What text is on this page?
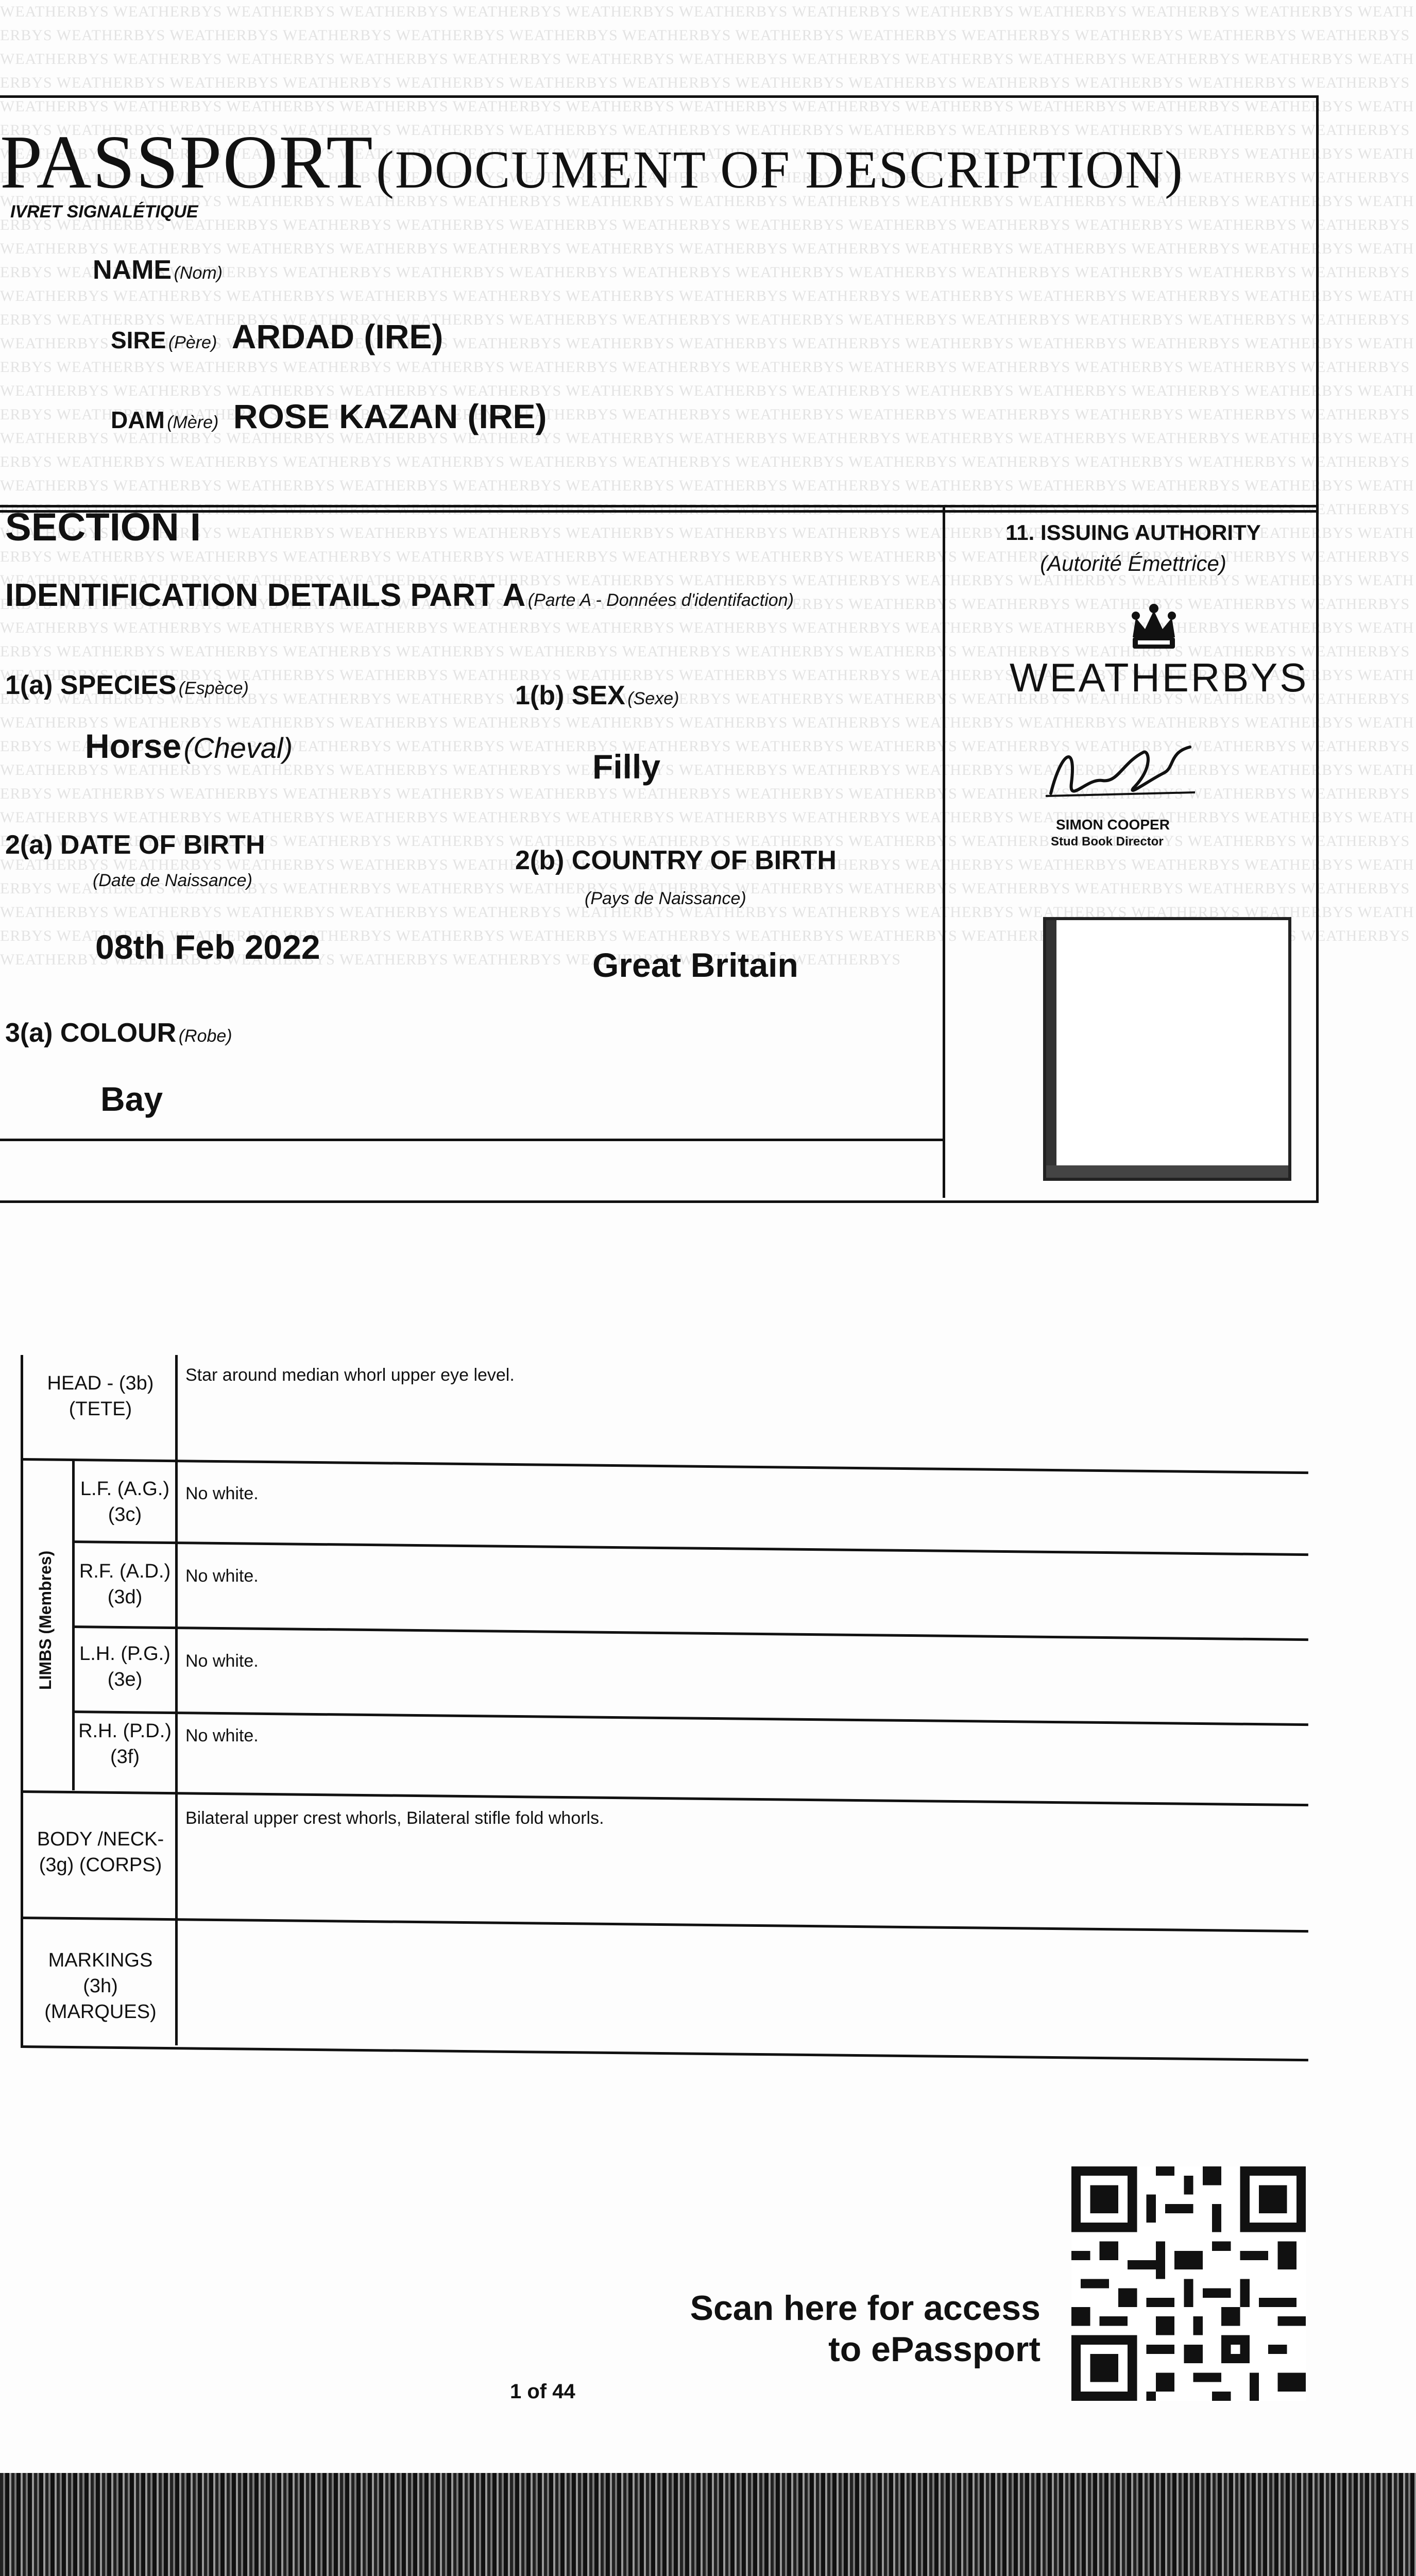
WEATHERBYS WEATHERBYS WEATHERBYS WEATHERBYS WEATHERBYS WEATHERBYS WEATHERBYS WEATHERBYS WEATHERBYS WEATHERBYS WEATHERBYS WEATHERBYS WEATHERBYS WEATHERBYS WEATHERBYS WEATHERBYS WEATHERBYS WEATHERBYS WEATHERBYS WEATHERBYS WEATHERBYS WEATHERBYS WEATHERBYS WEATHERBYS WEATHERBYS WEATHERBYS WEATHERBYS WEATHERBYS WEATHERBYS WEATHERBYS WEATHERBYS WEATHERBYS WEATHERBYS WEATHERBYS WEATHERBYS WEATHERBYS WEATHERBYS WEATHERBYS WEATHERBYS WEATHERBYS WEATHERBYS WEATHERBYS WEATHERBYS WEATHERBYS WEATHERBYS WEATHERBYS WEATHERBYS WEATHERBYS WEATHERBYS WEATHERBYS WEATHERBYS WEATHERBYS WEATHERBYS WEATHERBYS WEATHERBYS WEATHERBYS WEATHERBYS WEATHERBYS WEATHERBYS WEATHERBYS WEATHERBYS WEATHERBYS WEATHERBYS WEATHERBYS WEATHERBYS WEATHERBYS WEATHERBYS WEATHERBYS WEATHERBYS WEATHERBYS WEATHERBYS WEATHERBYS WEATHERBYS WEATHERBYS WEATHERBYS WEATHERBYS WEATHERBYS WEATHERBYS WEATHERBYS WEATHERBYS WEATHERBYS WEATHERBYS WEATHERBYS WEATHERBYS WEATHERBYS WEATHERBYS WEATHERBYS WEATHERBYS WEATHERBYS WEATHERBYS WEATHERBYS WEATHERBYS WEATHERBYS WEATHERBYS WEATHERBYS WEATHERBYS WEATHERBYS WEATHERBYS WEATHERBYS WEATHERBYS WEATHERBYS WEATHERBYS WEATHERBYS WEATHERBYS WEATHERBYS WEATHERBYS WEATHERBYS WEATHERBYS WEATHERBYS WEATHERBYS WEATHERBYS WEATHERBYS WEATHERBYS WEATHERBYS WEATHERBYS WEATHERBYS WEATHERBYS WEATHERBYS WEATHERBYS WEATHERBYS WEATHERBYS WEATHERBYS WEATHERBYS WEATHERBYS WEATHERBYS WEATHERBYS WEATHERBYS WEATHERBYS WEATHERBYS WEATHERBYS WEATHERBYS WEATHERBYS WEATHERBYS WEATHERBYS WEATHERBYS WEATHERBYS WEATHERBYS WEATHERBYS WEATHERBYS WEATHERBYS WEATHERBYS WEATHERBYS WEATHERBYS WEATHERBYS WEATHERBYS WEATHERBYS WEATHERBYS WEATHERBYS WEATHERBYS WEATHERBYS WEATHERBYS WEATHERBYS WEATHERBYS WEATHERBYS WEATHERBYS WEATHERBYS WEATHERBYS WEATHERBYS WEATHERBYS WEATHERBYS WEATHERBYS WEATHERBYS WEATHERBYS WEATHERBYS WEATHERBYS WEATHERBYS WEATHERBYS WEATHERBYS WEATHERBYS WEATHERBYS WEATHERBYS WEATHERBYS WEATHERBYS WEATHERBYS WEATHERBYS WEATHERBYS WEATHERBYS WEATHERBYS WEATHERBYS WEATHERBYS WEATHERBYS WEATHERBYS WEATHERBYS WEATHERBYS WEATHERBYS WEATHERBYS WEATHERBYS WEATHERBYS WEATHERBYS WEATHERBYS WEATHERBYS WEATHERBYS WEATHERBYS WEATHERBYS WEATHERBYS WEATHERBYS WEATHERBYS WEATHERBYS WEATHERBYS WEATHERBYS WEATHERBYS WEATHERBYS WEATHERBYS WEATHERBYS WEATHERBYS WEATHERBYS WEATHERBYS WEATHERBYS WEATHERBYS WEATHERBYS WEATHERBYS WEATHERBYS WEATHERBYS WEATHERBYS WEATHERBYS WEATHERBYS WEATHERBYS WEATHERBYS WEATHERBYS WEATHERBYS WEATHERBYS WEATHERBYS WEATHERBYS WEATHERBYS WEATHERBYS WEATHERBYS WEATHERBYS WEATHERBYS WEATHERBYS WEATHERBYS WEATHERBYS WEATHERBYS WEATHERBYS WEATHERBYS WEATHERBYS WEATHERBYS WEATHERBYS WEATHERBYS WEATHERBYS WEATHERBYS WEATHERBYS WEATHERBYS WEATHERBYS WEATHERBYS WEATHERBYS WEATHERBYS WEATHERBYS WEATHERBYS WEATHERBYS WEATHERBYS WEATHERBYS WEATHERBYS WEATHERBYS WEATHERBYS WEATHERBYS WEATHERBYS WEATHERBYS WEATHERBYS WEATHERBYS WEATHERBYS WEATHERBYS WEATHERBYS WEATHERBYS WEATHERBYS WEATHERBYS WEATHERBYS WEATHERBYS WEATHERBYS WEATHERBYS WEATHERBYS WEATHERBYS WEATHERBYS WEATHERBYS WEATHERBYS WEATHERBYS WEATHERBYS WEATHERBYS WEATHERBYS WEATHERBYS WEATHERBYS WEATHERBYS WEATHERBYS WEATHERBYS WEATHERBYS WEATHERBYS WEATHERBYS WEATHERBYS WEATHERBYS WEATHERBYS WEATHERBYS WEATHERBYS WEATHERBYS WEATHERBYS WEATHERBYS WEATHERBYS WEATHERBYS WEATHERBYS WEATHERBYS WEATHERBYS WEATHERBYS WEATHERBYS WEATHERBYS WEATHERBYS WEATHERBYS WEATHERBYS WEATHERBYS WEATHERBYS WEATHERBYS WEATHERBYS WEATHERBYS WEATHERBYS WEATHERBYS WEATHERBYS WEATHERBYS WEATHERBYS WEATHERBYS WEATHERBYS WEATHERBYS WEATHERBYS WEATHERBYS WEATHERBYS WEATHERBYS WEATHERBYS WEATHERBYS WEATHERBYS WEATHERBYS WEATHERBYS WEATHERBYS WEATHERBYS WEATHERBYS WEATHERBYS WEATHERBYS WEATHERBYS WEATHERBYS WEATHERBYS WEATHERBYS WEATHERBYS WEATHERBYS WEATHERBYS WEATHERBYS WEATHERBYS WEATHERBYS WEATHERBYS WEATHERBYS WEATHERBYS WEATHERBYS WEATHERBYS WEATHERBYS WEATHERBYS WEATHERBYS WEATHERBYS WEATHERBYS WEATHERBYS WEATHERBYS WEATHERBYS WEATHERBYS WEATHERBYS WEATHERBYS WEATHERBYS WEATHERBYS WEATHERBYS WEATHERBYS WEATHERBYS WEATHERBYS WEATHERBYS WEATHERBYS WEATHERBYS WEATHERBYS WEATHERBYS WEATHERBYS WEATHERBYS WEATHERBYS WEATHERBYS WEATHERBYS WEATHERBYS WEATHERBYS WEATHERBYS WEATHERBYS WEATHERBYS WEATHERBYS WEATHERBYS WEATHERBYS WEATHERBYS WEATHERBYS WEATHERBYS WEATHERBYS WEATHERBYS WEATHERBYS WEATHERBYS WEATHERBYS WEATHERBYS WEATHERBYS WEATHERBYS WEATHERBYS WEATHERBYS WEATHERBYS WEATHERBYS WEATHERBYS WEATHERBYS WEATHERBYS WEATHERBYS WEATHERBYS WEATHERBYS WEATHERBYS WEATHERBYS WEATHERBYS WEATHERBYS WEATHERBYS WEATHERBYS WEATHERBYS WEATHERBYS WEATHERBYS WEATHERBYS WEATHERBYS WEATHERBYS WEATHERBYS WEATHERBYS WEATHERBYS WEATHERBYS WEATHERBYS WEATHERBYS WEATHERBYS WEATHERBYS WEATHERBYS WEATHERBYS WEATHERBYS WEATHERBYS WEATHERBYS WEATHERBYS WEATHERBYS WEATHERBYS WEATHERBYS WEATHERBYS WEATHERBYS WEATHERBYS WEATHERBYS WEATHERBYS WEATHERBYS WEATHERBYS WEATHERBYS WEATHERBYS WEATHERBYS WEATHERBYS WEATHERBYS WEATHERBYS WEATHERBYS WEATHERBYS WEATHERBYS WEATHERBYS WEATHERBYS WEATHERBYS WEATHERBYS WEATHERBYS WEATHERBYS WEATHERBYS WEATHERBYS WEATHERBYS WEATHERBYS WEATHERBYS WEATHERBYS WEATHERBYS WEATHERBYS WEATHERBYS WEATHERBYS WEATHERBYS WEATHERBYS WEATHERBYS WEATHERBYS WEATHERBYS WEATHERBYS WEATHERBYS WEATHERBYS WEATHERBYS WEATHERBYS WEATHERBYS WEATHERBYS WEATHERBYS WEATHERBYS WEATHERBYS WEATHERBYS WEATHERBYS WEATHERBYS WEATHERBYS WEATHERBYS WEATHERBYS WEATHERBYS WEATHERBYS WEATHERBYS WEATHERBYS WEATHERBYS WEATHERBYS WEATHERBYS WEATHERBYS WEATHERBYS WEATHERBYS WEATHERBYS WEATHERBYS WEATHERBYS WEATHERBYS WEATHERBYS WEATHERBYS WEATHERBYS WEATHERBYS WEATHERBYS WEATHERBYS WEATHERBYS WEATHERBYS WEATHERBYS
PASSPORT (DOCUMENT OF DESCRIPTION)
IVRET SIGNALÉTIQUE
NAME (Nom)
SIRE (Père) ARDAD (IRE)
DAM (Mère) ROSE KAZAN (IRE)
SECTION I
IDENTIFICATION DETAILS PART A (Parte A - Données d'identifaction)
1(a) SPECIES (Espèce)
Horse (Cheval)
1(b) SEX (Sexe)
Filly
2(a) DATE OF BIRTH
(Date de Naissance)
08th Feb 2022
2(b) COUNTRY OF BIRTH
(Pays de Naissance)
Great Britain
3(a) COLOUR (Robe)
Bay
11. ISSUING AUTHORITY
(Autorité Émettrice)
WEATHERBYS
SIMON COOPER
Stud Book Director
LIMBS (Membres)
HEAD - (3b)
(TETE)
Star around median whorl upper eye level.
L.F. (A.G.)
(3c)
No white.
R.F. (A.D.)
(3d)
No white.
L.H. (P.G.)
(3e)
No white.
R.H. (P.D.)
(3f)
No white.
BODY /NECK-
(3g) (CORPS)
Bilateral upper crest whorls, Bilateral stifle fold whorls.
MARKINGS (3h)
(MARQUES)
Scan here for access
to ePassport
1 of 44
